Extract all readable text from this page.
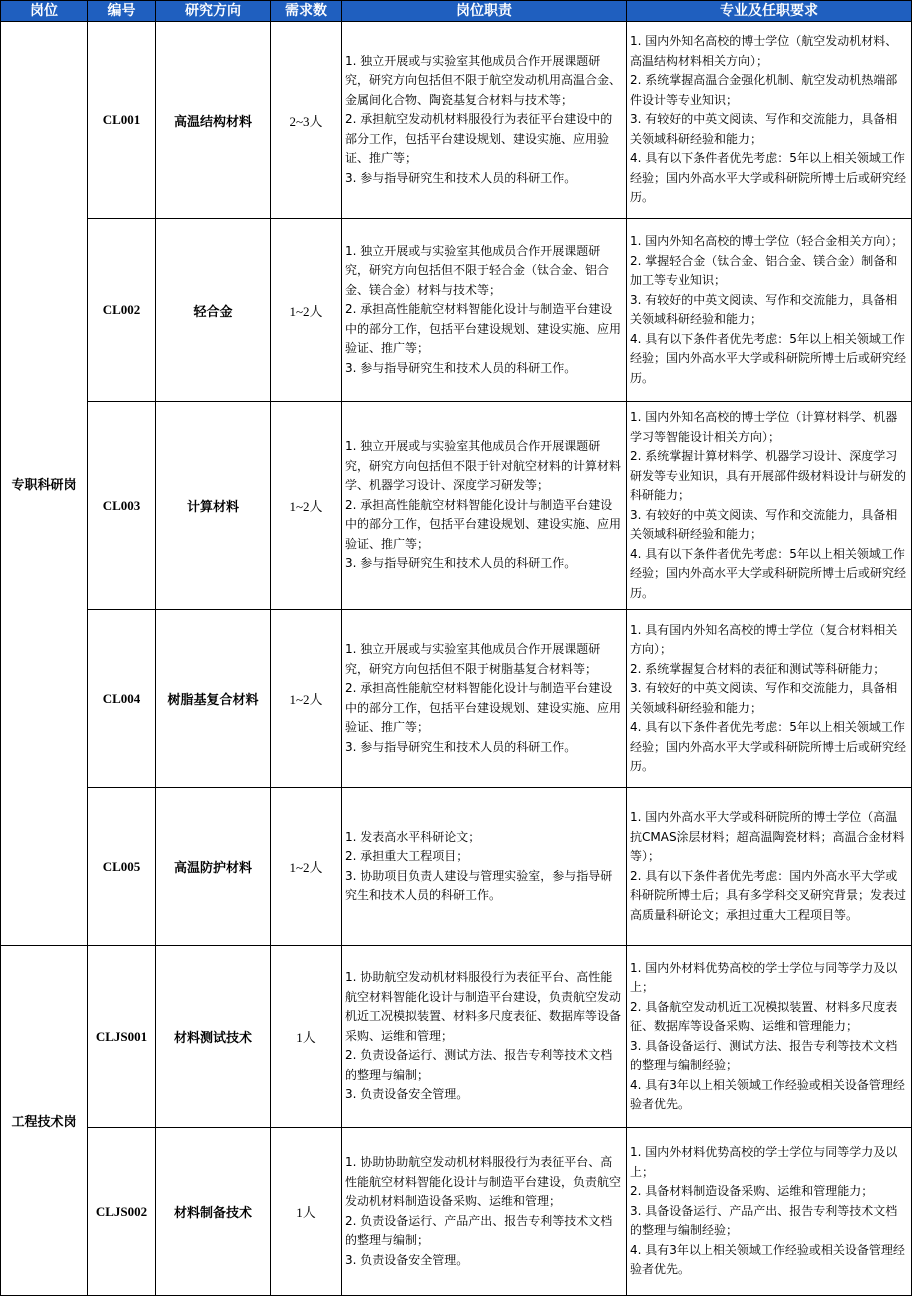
岗位	编号	研究方向	需求数	岗位职责	专业及任职要求
专职科研岗	CL001	高温结构材料	2~3人	1. 独立开展或与实验室其他成员合作开展课题研究，研究方向包括但不限于航空发动机用高温合金、金属间化合物、陶瓷基复合材料与技术等；
2. 承担航空发动机材料服役行为表征平台建设中的部分工作，包括平台建设规划、建设实施、应用验证、推广等；
3. 参与指导研究生和技术人员的科研工作。	1. 国内外知名高校的博士学位（航空发动机材料、高温结构材料相关方向）；
2. 系统掌握高温合金强化机制、航空发动机热端部件设计等专业知识；
3. 有较好的中英文阅读、写作和交流能力，具备相关领域科研经验和能力；
4. 具有以下条件者优先考虑：5年以上相关领域工作经验；国内外高水平大学或科研院所博士后或研究经历。

	CL002	轻合金	1~2人	1. 独立开展或与实验室其他成员合作开展课题研究，研究方向包括但不限于轻合金（钛合金、铝合金、镁合金）材料与技术等；
2. 承担高性能航空材料智能化设计与制造平台建设中的部分工作，包括平台建设规划、建设实施、应用验证、推广等；
3. 参与指导研究生和技术人员的科研工作。	1. 国内外知名高校的博士学位（轻合金相关方向）；
2. 掌握轻合金（钛合金、铝合金、镁合金）制备和加工等专业知识；
3. 有较好的中英文阅读、写作和交流能力，具备相关领域科研经验和能力；
4. 具有以下条件者优先考虑：5年以上相关领域工作经验；国内外高水平大学或科研院所博士后或研究经历。

	CL003	计算材料	1~2人	1. 独立开展或与实验室其他成员合作开展课题研究，研究方向包括但不限于针对航空材料的计算材料学、机器学习设计、深度学习研发等；
2. 承担高性能航空材料智能化设计与制造平台建设中的部分工作，包括平台建设规划、建设实施、应用验证、推广等；
3. 参与指导研究生和技术人员的科研工作。	1. 国内外知名高校的博士学位（计算材料学、机器学习等智能设计相关方向）；
2. 系统掌握计算材料学、机器学习设计、深度学习研发等专业知识，具有开展部件级材料设计与研发的科研能力；
3. 有较好的中英文阅读、写作和交流能力，具备相关领域科研经验和能力；
4. 具有以下条件者优先考虑：5年以上相关领域工作经验；国内外高水平大学或科研院所博士后或研究经历。

	CL004	树脂基复合材料	1~2人	1. 独立开展或与实验室其他成员合作开展课题研究，研究方向包括但不限于树脂基复合材料等；
2. 承担高性能航空材料智能化设计与制造平台建设中的部分工作，包括平台建设规划、建设实施、应用验证、推广等；
3. 参与指导研究生和技术人员的科研工作。	1. 具有国内外知名高校的博士学位（复合材料相关方向）；
2. 系统掌握复合材料的表征和测试等科研能力；
3. 有较好的中英文阅读、写作和交流能力，具备相关领域科研经验和能力；
4. 具有以下条件者优先考虑：5年以上相关领域工作经验；国内外高水平大学或科研院所博士后或研究经历。

	CL005	高温防护材料	1~2人	1. 发表高水平科研论文；
2. 承担重大工程项目；
3. 协助项目负责人建设与管理实验室，参与指导研究生和技术人员的科研工作。	1. 国内外高水平大学或科研院所的博士学位（高温抗CMAS涂层材料；超高温陶瓷材料；高温合金材料等）；
2. 具有以下条件者优先考虑：国内外高水平大学或科研院所博士后；具有多学科交叉研究背景；发表过高质量科研论文；承担过重大工程项目等。

工程技术岗	CLJS001	材料测试技术	1人	1. 协助航空发动机材料服役行为表征平台、高性能航空材料智能化设计与制造平台建设，负责航空发动机近工况模拟装置、材料多尺度表征、数据库等设备采购、运维和管理；
2. 负责设备运行、测试方法、报告专利等技术文档的整理与编制；
3. 负责设备安全管理。	1. 国内外材料优势高校的学士学位与同等学力及以上；
2. 具备航空发动机近工况模拟装置、材料多尺度表征、数据库等设备采购、运维和管理能力；
3. 具备设备运行、测试方法、报告专利等技术文档的整理与编制经验；
4. 具有3年以上相关领域工作经验或相关设备管理经验者优先。

	CLJS002	材料制备技术	1人	1. 协助协助航空发动机材料服役行为表征平台、高性能航空材料智能化设计与制造平台建设，负责航空发动机材料制造设备采购、运维和管理；
2. 负责设备运行、产品产出、报告专利等技术文档的整理与编制；
3. 负责设备安全管理。	1. 国内外材料优势高校的学士学位与同等学力及以上；
2. 具备材料制造设备采购、运维和管理能力；
3. 具备设备运行、产品产出、报告专利等技术文档的整理与编制经验；
4. 具有3年以上相关领域工作经验或相关设备管理经验者优先。
